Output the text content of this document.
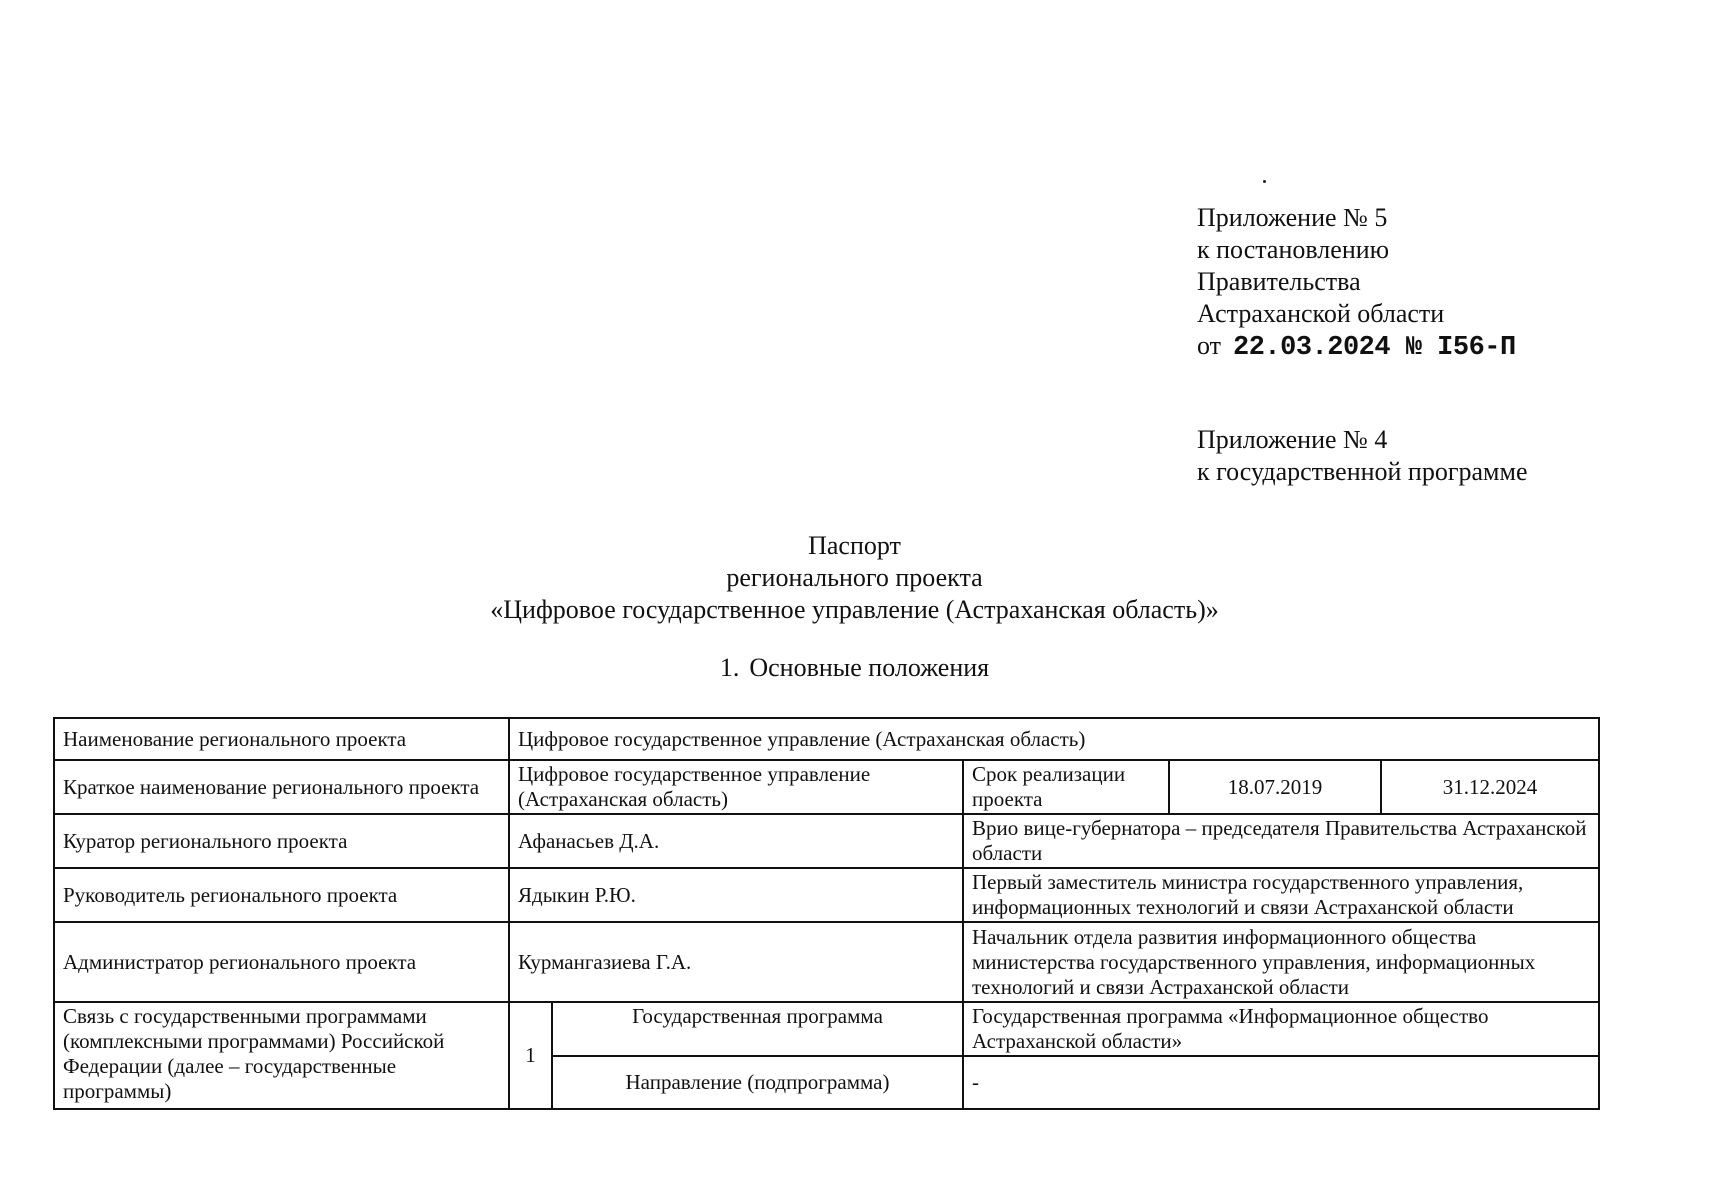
Приложение № 5
к постановлению
Правительства
Астраханской области
от 22.03.2024 № I56-П
Приложение № 4
к государственной программе
Паспорт
регионального проекта
«Цифровое государственное управление (Астраханская область)»
1. Основные положения
Наименование регионального проекта	Цифровое государственное управление (Астраханская область)				
Краткое наименование регионального проекта	Цифровое государственное управление (Астраханская область)		Срок реализации проекта	18.07.2019	31.12.2024
Куратор регионального проекта	Афанасьев Д.А.		Врио вице-губернатора – председателя Правительства Астраханской области		
Руководитель регионального проекта	Ядыкин Р.Ю.		Первый заместитель министра государственного управления, информационных технологий и связи Астраханской области		
Администратор регионального проекта	Курмангазиева Г.А.		Начальник отдела развития информационного общества министерства государственного управления, информационных технологий и связи Астраханской области		
Связь с государственными программами (комплексными программами) Российской Федерации (далее – государственные программы)	1	Государственная программа	Государственная программа «Информационное общество Астраханской области»		
		Направление (подпрограмма)	-		
